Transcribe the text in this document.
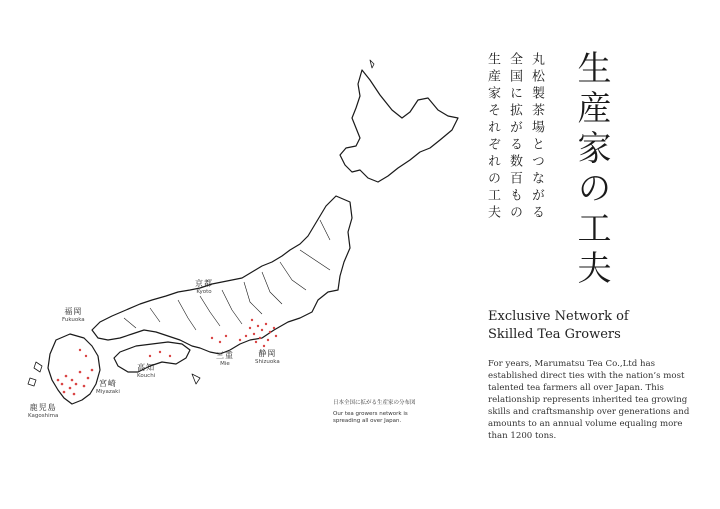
京都
Kyoto
福岡
Fukuoka
高知
Kouchi
三重
Mie
静岡
Shizuoka
宮崎
Miyazaki
鹿児島
Kagoshima
日本全国に拡がる生産家の分布図
Our tea growers network is spreading all over Japan.
生産家の工夫
丸松製茶場とつながる
全国に拡がる数百もの
生産家それぞれの工夫
Exclusive Network of
Skilled Tea Growers
For years, Marumatsu Tea Co.,Ltd has established direct ties with the nation’s most talented tea farmers all over Japan. This relationship represents inherited tea growing skills and craftsmanship over generations and amounts to an annual volume equaling more than 1200 tons.
